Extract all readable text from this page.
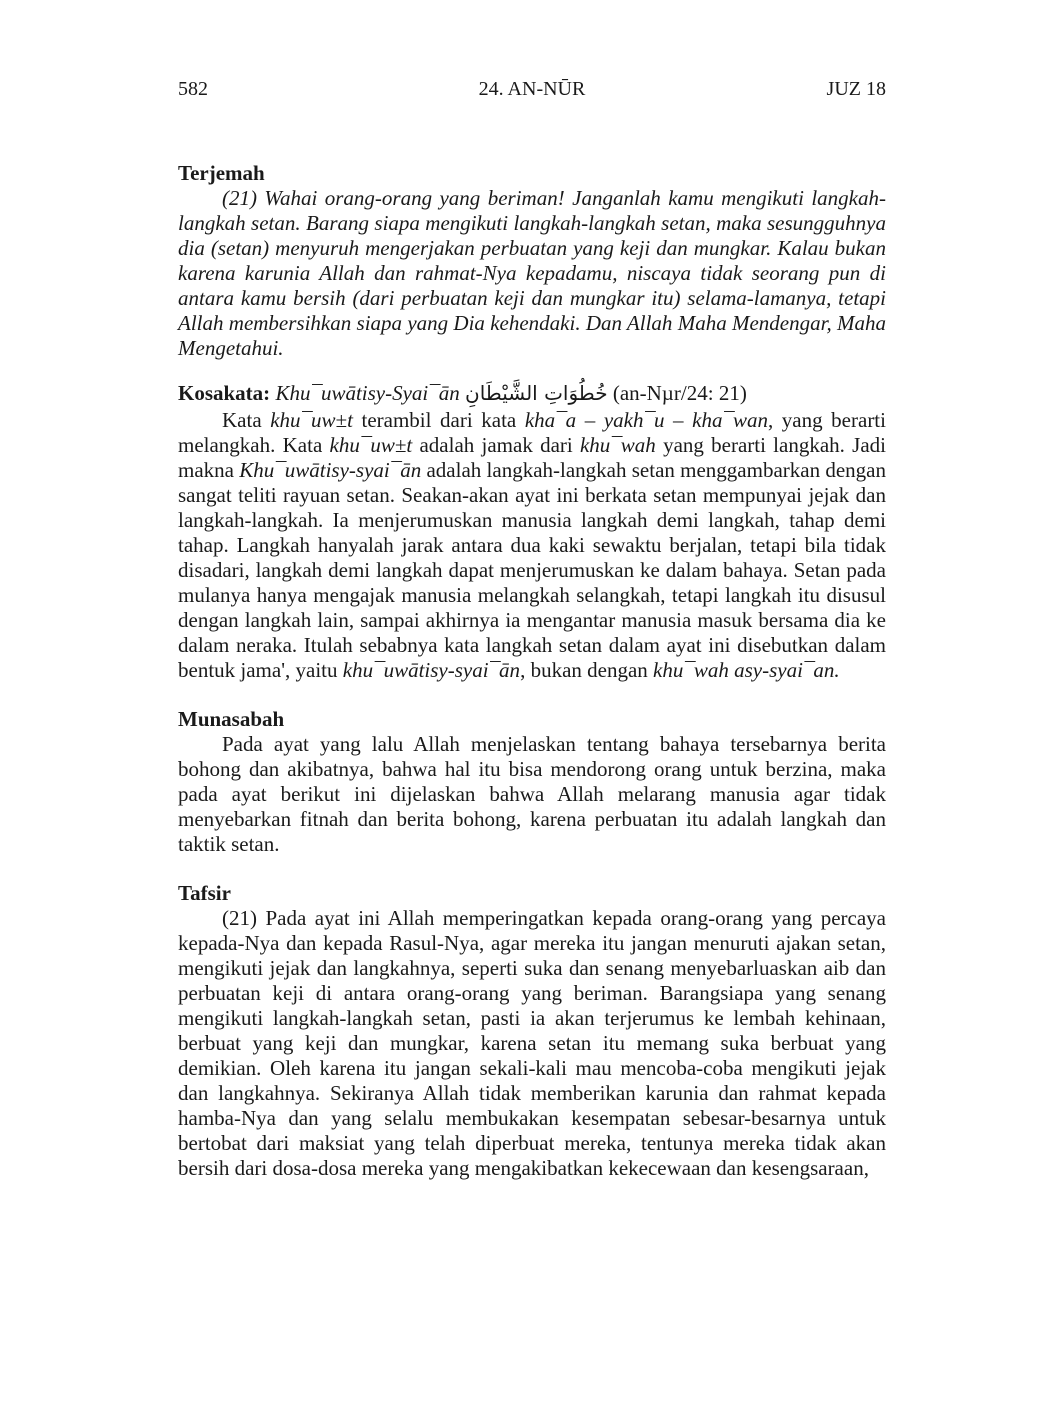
582	24. AN-NŪR	JUZ 18
Terjemah

(21) Wahai orang-orang yang beriman! Janganlah kamu mengikuti langkah-langkah setan. Barang siapa mengikuti langkah-langkah setan, maka sesungguhnya dia (setan) menyuruh mengerjakan perbuatan yang keji dan mungkar. Kalau bukan karena karunia Allah dan rahmat-Nya kepadamu, niscaya tidak seorang pun di antara kamu bersih (dari perbuatan keji dan mungkar itu) selama-lamanya, tetapi Allah membersihkan siapa yang Dia kehendaki. Dan Allah Maha Mendengar, Maha Mengetahui.

Kosakata: Khu¯uwātisy-Syai¯ān خُطُوَاتِ الشَّيْطَانِ (an-Nµr/24: 21)

Kata khu¯uw±t terambil dari kata kha¯a – yakh¯u – kha¯wan, yang berarti melangkah. Kata khu¯uw±t adalah jamak dari khu¯wah yang berarti langkah. Jadi makna Khu¯uwātisy-syai¯ān adalah langkah-langkah setan menggambarkan dengan sangat teliti rayuan setan. Seakan-akan ayat ini berkata setan mempunyai jejak dan langkah-langkah. Ia menjerumuskan manusia langkah demi langkah, tahap demi tahap. Langkah hanyalah jarak antara dua kaki sewaktu berjalan, tetapi bila tidak disadari, langkah demi langkah dapat menjerumuskan ke dalam bahaya. Setan pada mulanya hanya mengajak manusia melangkah selangkah, tetapi langkah itu disusul dengan langkah lain, sampai akhirnya ia mengantar manusia masuk bersama dia ke dalam neraka. Itulah sebabnya kata langkah setan dalam ayat ini disebutkan dalam bentuk jama', yaitu khu¯uwātisy-syai¯ān, bukan dengan khu¯wah asy-syai¯an.

Munasabah

Pada ayat yang lalu Allah menjelaskan tentang bahaya tersebarnya berita bohong dan akibatnya, bahwa hal itu bisa mendorong orang untuk berzina, maka pada ayat berikut ini dijelaskan bahwa Allah melarang manusia agar tidak menyebarkan fitnah dan berita bohong, karena perbuatan itu adalah langkah dan taktik setan.

Tafsir

(21) Pada ayat ini Allah memperingatkan kepada orang-orang yang percaya kepada-Nya dan kepada Rasul-Nya, agar mereka itu jangan menuruti ajakan setan, mengikuti jejak dan langkahnya, seperti suka dan senang menyebarluaskan aib dan perbuatan keji di antara orang-orang yang beriman. Barangsiapa yang senang mengikuti langkah-langkah setan, pasti ia akan terjerumus ke lembah kehinaan, berbuat yang keji dan mungkar, karena setan itu memang suka berbuat yang demikian. Oleh karena itu jangan sekali-kali mau mencoba-coba mengikuti jejak dan langkahnya. Sekiranya Allah tidak memberikan karunia dan rahmat kepada hamba-Nya dan yang selalu membukakan kesempatan sebesar-besarnya untuk bertobat dari maksiat yang telah diperbuat mereka, tentunya mereka tidak akan bersih dari dosa-dosa mereka yang mengakibatkan kekecewaan dan kesengsaraan,
